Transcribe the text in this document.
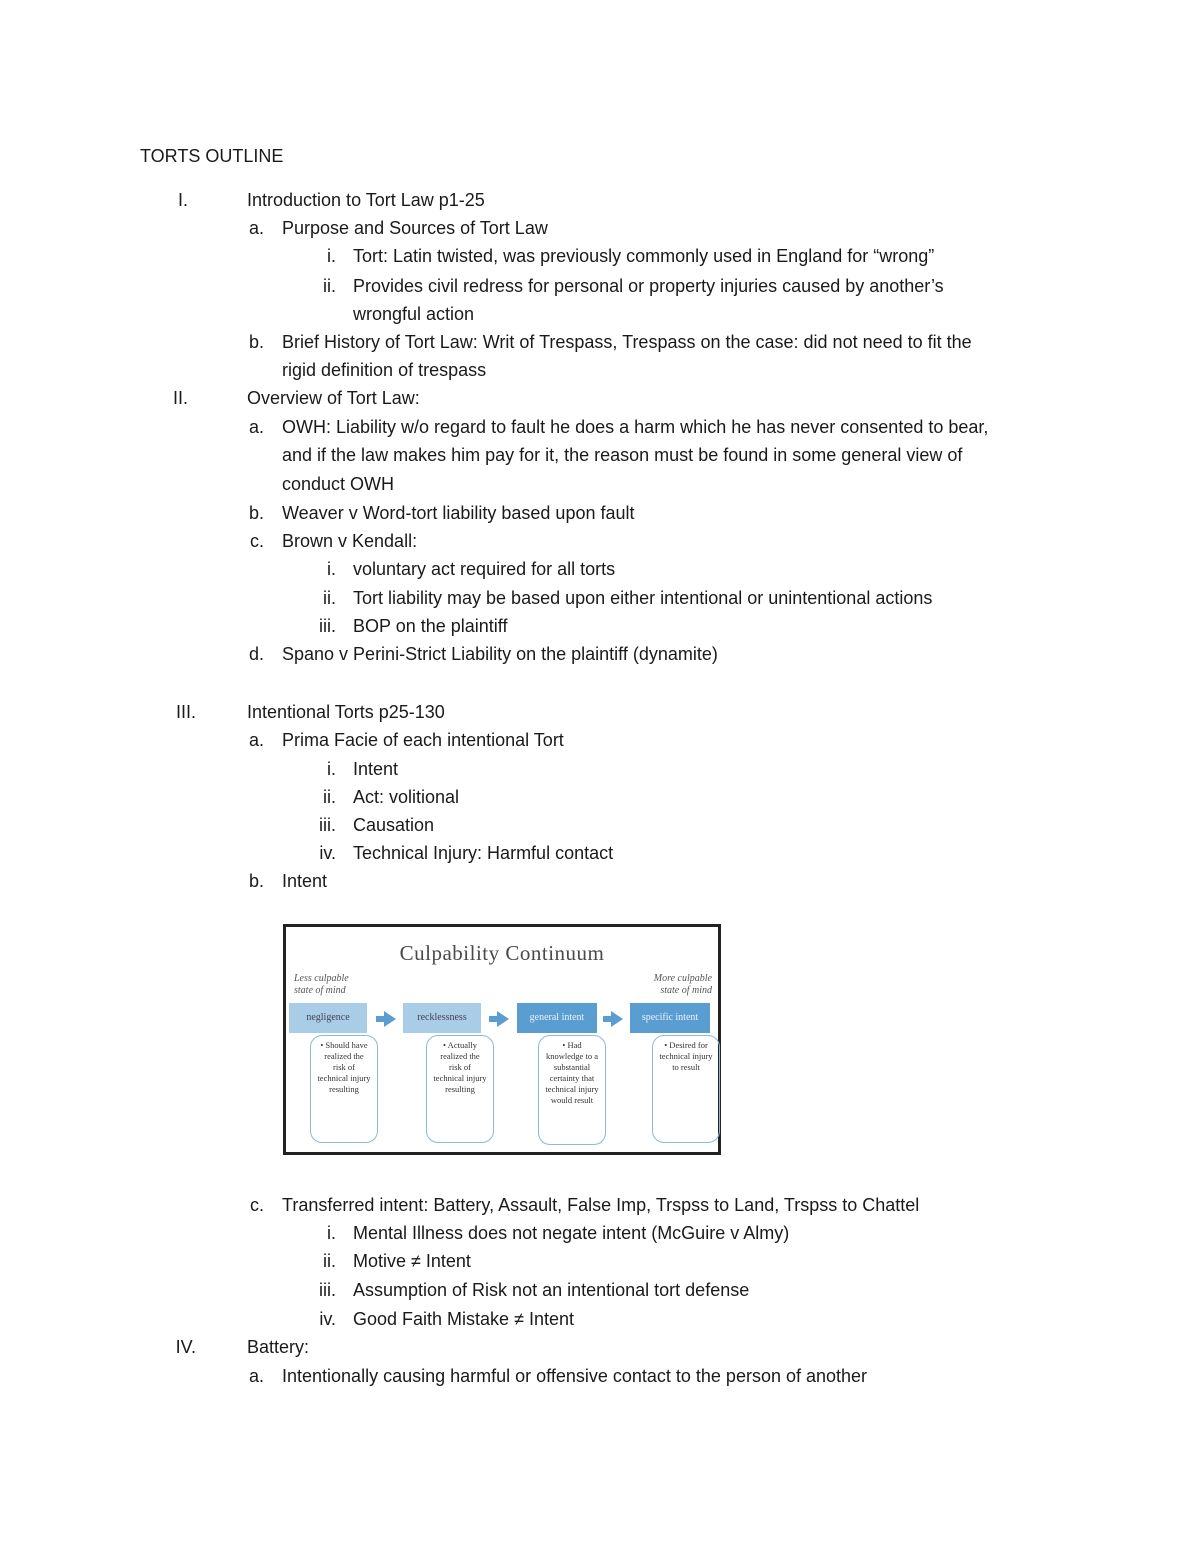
TORTS OUTLINE
I.	Introduction to Tort Law p1-25
a. Purpose and Sources of Tort Law
i. Tort: Latin twisted, was previously commonly used in England for “wrong”
ii. Provides civil redress for personal or property injuries caused by another’s
wrongful action
b. Brief History of Tort Law: Writ of Trespass, Trespass on the case: did not need to fit the
rigid definition of trespass
II.	Overview of Tort Law:
a. OWH: Liability w/o regard to fault he does a harm which he has never consented to bear,
and if the law makes him pay for it, the reason must be found in some general view of
conduct OWH
b. Weaver v Word-tort liability based upon fault
c. Brown v Kendall:
i. voluntary act required for all torts
ii. Tort liability may be based upon either intentional or unintentional actions
iii. BOP on the plaintiff
d. Spano v Perini-Strict Liability on the plaintiff (dynamite)
III.	Intentional Torts p25-130
a. Prima Facie of each intentional Tort
i. Intent
ii. Act: volitional
iii. Causation
iv. Technical Injury: Harmful contact
b. Intent
Culpability Continuum
Less culpable
state of mind
More culpable
state of mind
negligence	recklessness	general intent	specific intent
• Should have realized the risk of technical injury resulting
• Actually realized the risk of technical injury resulting
• Had knowledge to a substantial certainty that technical injury would result
• Desired for technical injury to result
c. Transferred intent: Battery, Assault, False Imp, Trspss to Land, Trspss to Chattel
i. Mental Illness does not negate intent (McGuire v Almy)
ii. Motive ≠ Intent
iii. Assumption of Risk not an intentional tort defense
iv. Good Faith Mistake ≠ Intent
IV.	Battery:
a. Intentionally causing harmful or offensive contact to the person of another
